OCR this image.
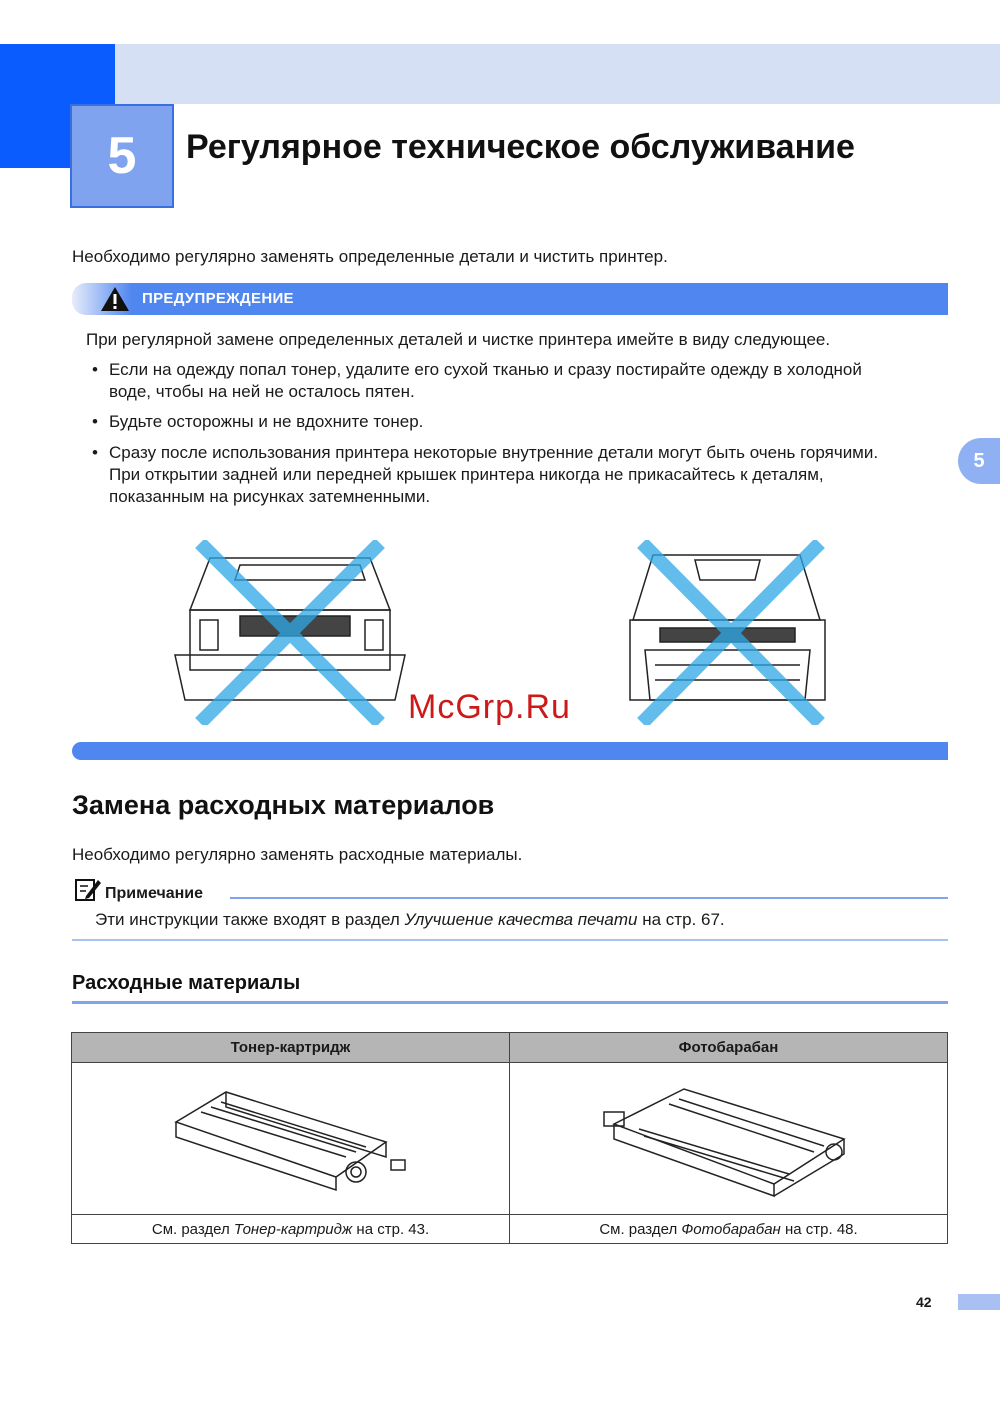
5	Регулярное техническое обслуживание
Необходимо регулярно заменять определенные детали и чистить принтер.
ПРЕДУПРЕЖДЕНИЕ
При регулярной замене определенных деталей и чистке принтера имейте в виду следующее.
• Если на одежду попал тонер, удалите его сухой тканью и сразу постирайте одежду в холодной
воде, чтобы на ней не осталось пятен.
• Будьте осторожны и не вдохните тонер.
• Сразу после использования принтера некоторые внутренние детали могут быть очень горячими.
При открытии задней или передней крышек принтера никогда не прикасайтесь к деталям,
показанным на рисунках затемненными.
5
McGrp.Ru
Замена расходных материалов
Необходимо регулярно заменять расходные материалы.
Примечание
Эти инструкции также входят в раздел Улучшение качества печати на стр. 67.
Расходные материалы
Тонер-картридж	Фотобарабан

См. раздел Тонер-картридж на стр. 43.	См. раздел Фотобарабан на стр. 48.
42
